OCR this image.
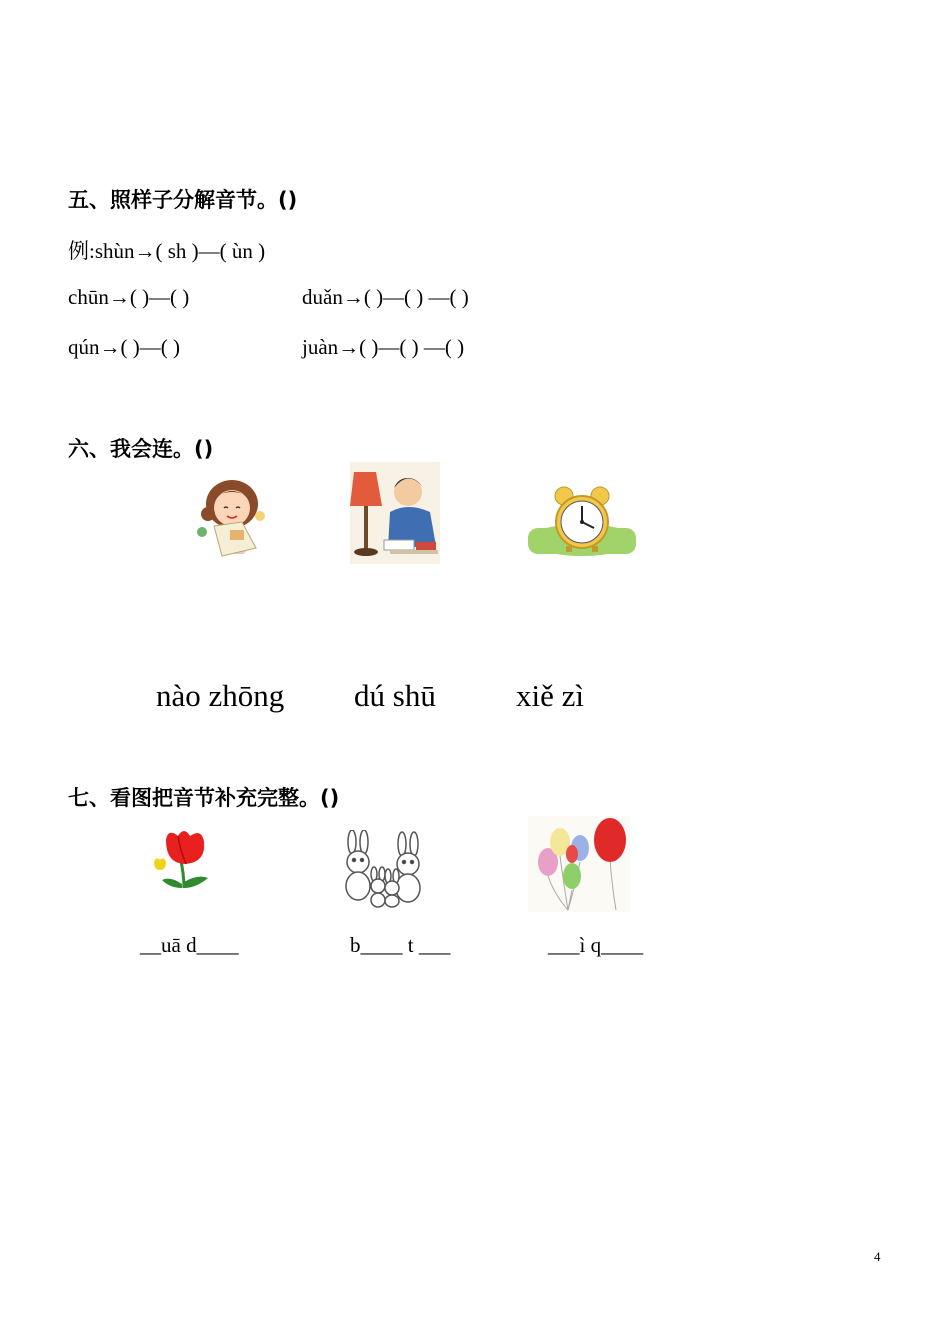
五、照样子分解音节。()
例:shùn→( sh )—( ùn )
chūn→( )—( )	duǎn→( )—( ) —( )
qún→( )—( )	juàn→( )—( ) —( )
六、我会连。()
nào zhōng dú shū	xiě zì
七、看图把音节补充完整。()
__uā d____	b____ t ___	___ì q____
4
